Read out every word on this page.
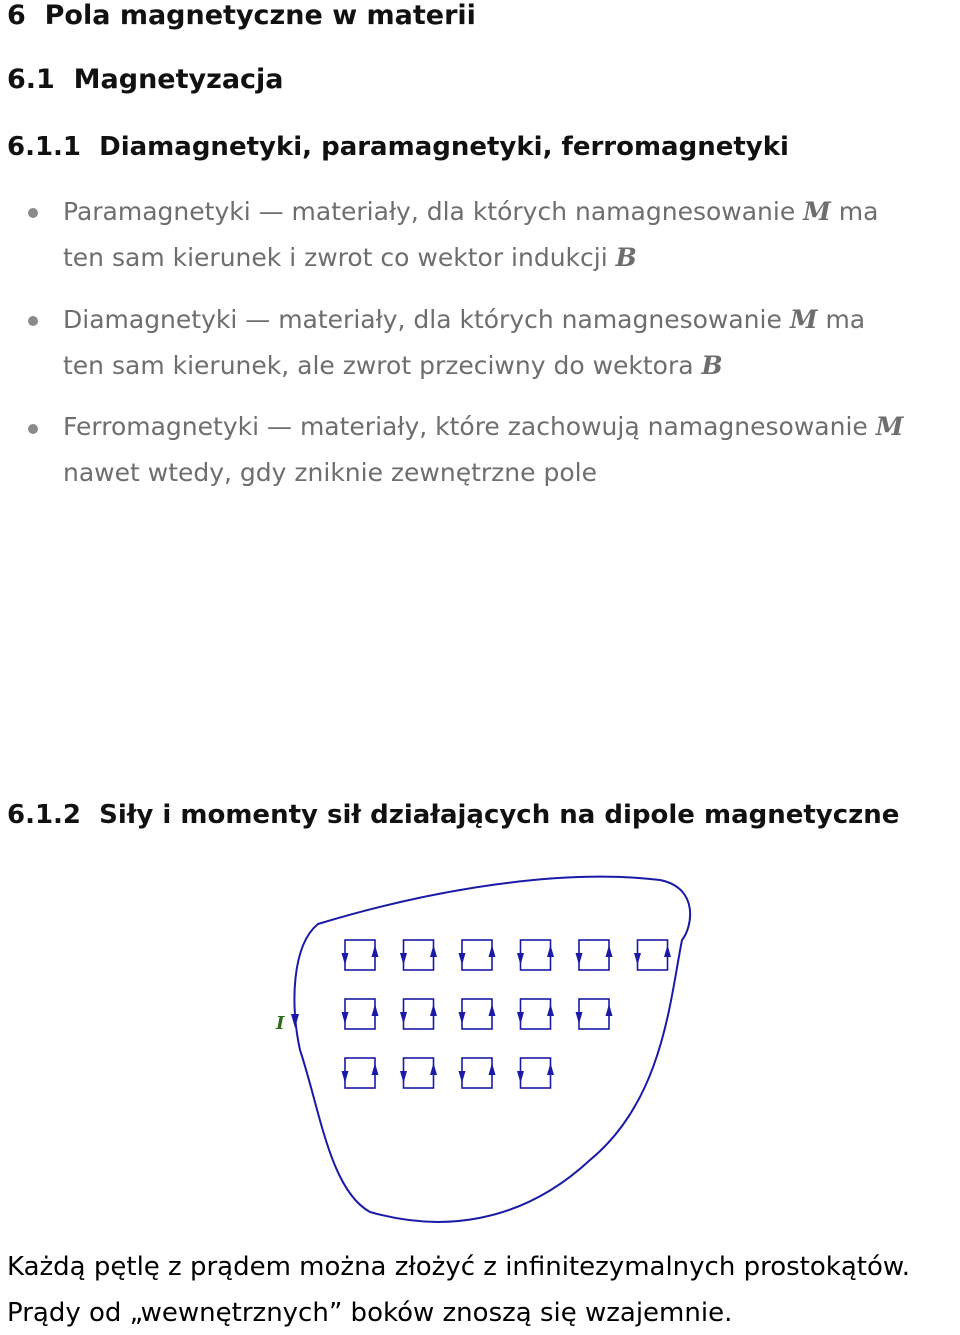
6 Pola magnetyczne w materii
6.1 Magnetyzacja
6.1.1 Diamagnetyki, paramagnetyki, ferromagnetyki
Paramagnetyki — materiały, dla których namagnesowanie M ma
ten sam kierunek i zwrot co wektor indukcji B
Diamagnetyki — materiały, dla których namagnesowanie M ma
ten sam kierunek, ale zwrot przeciwny do wektora B
Ferromagnetyki — materiały, które zachowują namagnesowanie M
nawet wtedy, gdy zniknie zewnętrzne pole
6.1.2 Siły i momenty sił działających na dipole magnetyczne
I
Każdą pętlę z prądem można złożyć z infinitezymalnych prostokątów.
Prądy od „wewnętrznych” boków znoszą się wzajemnie.
